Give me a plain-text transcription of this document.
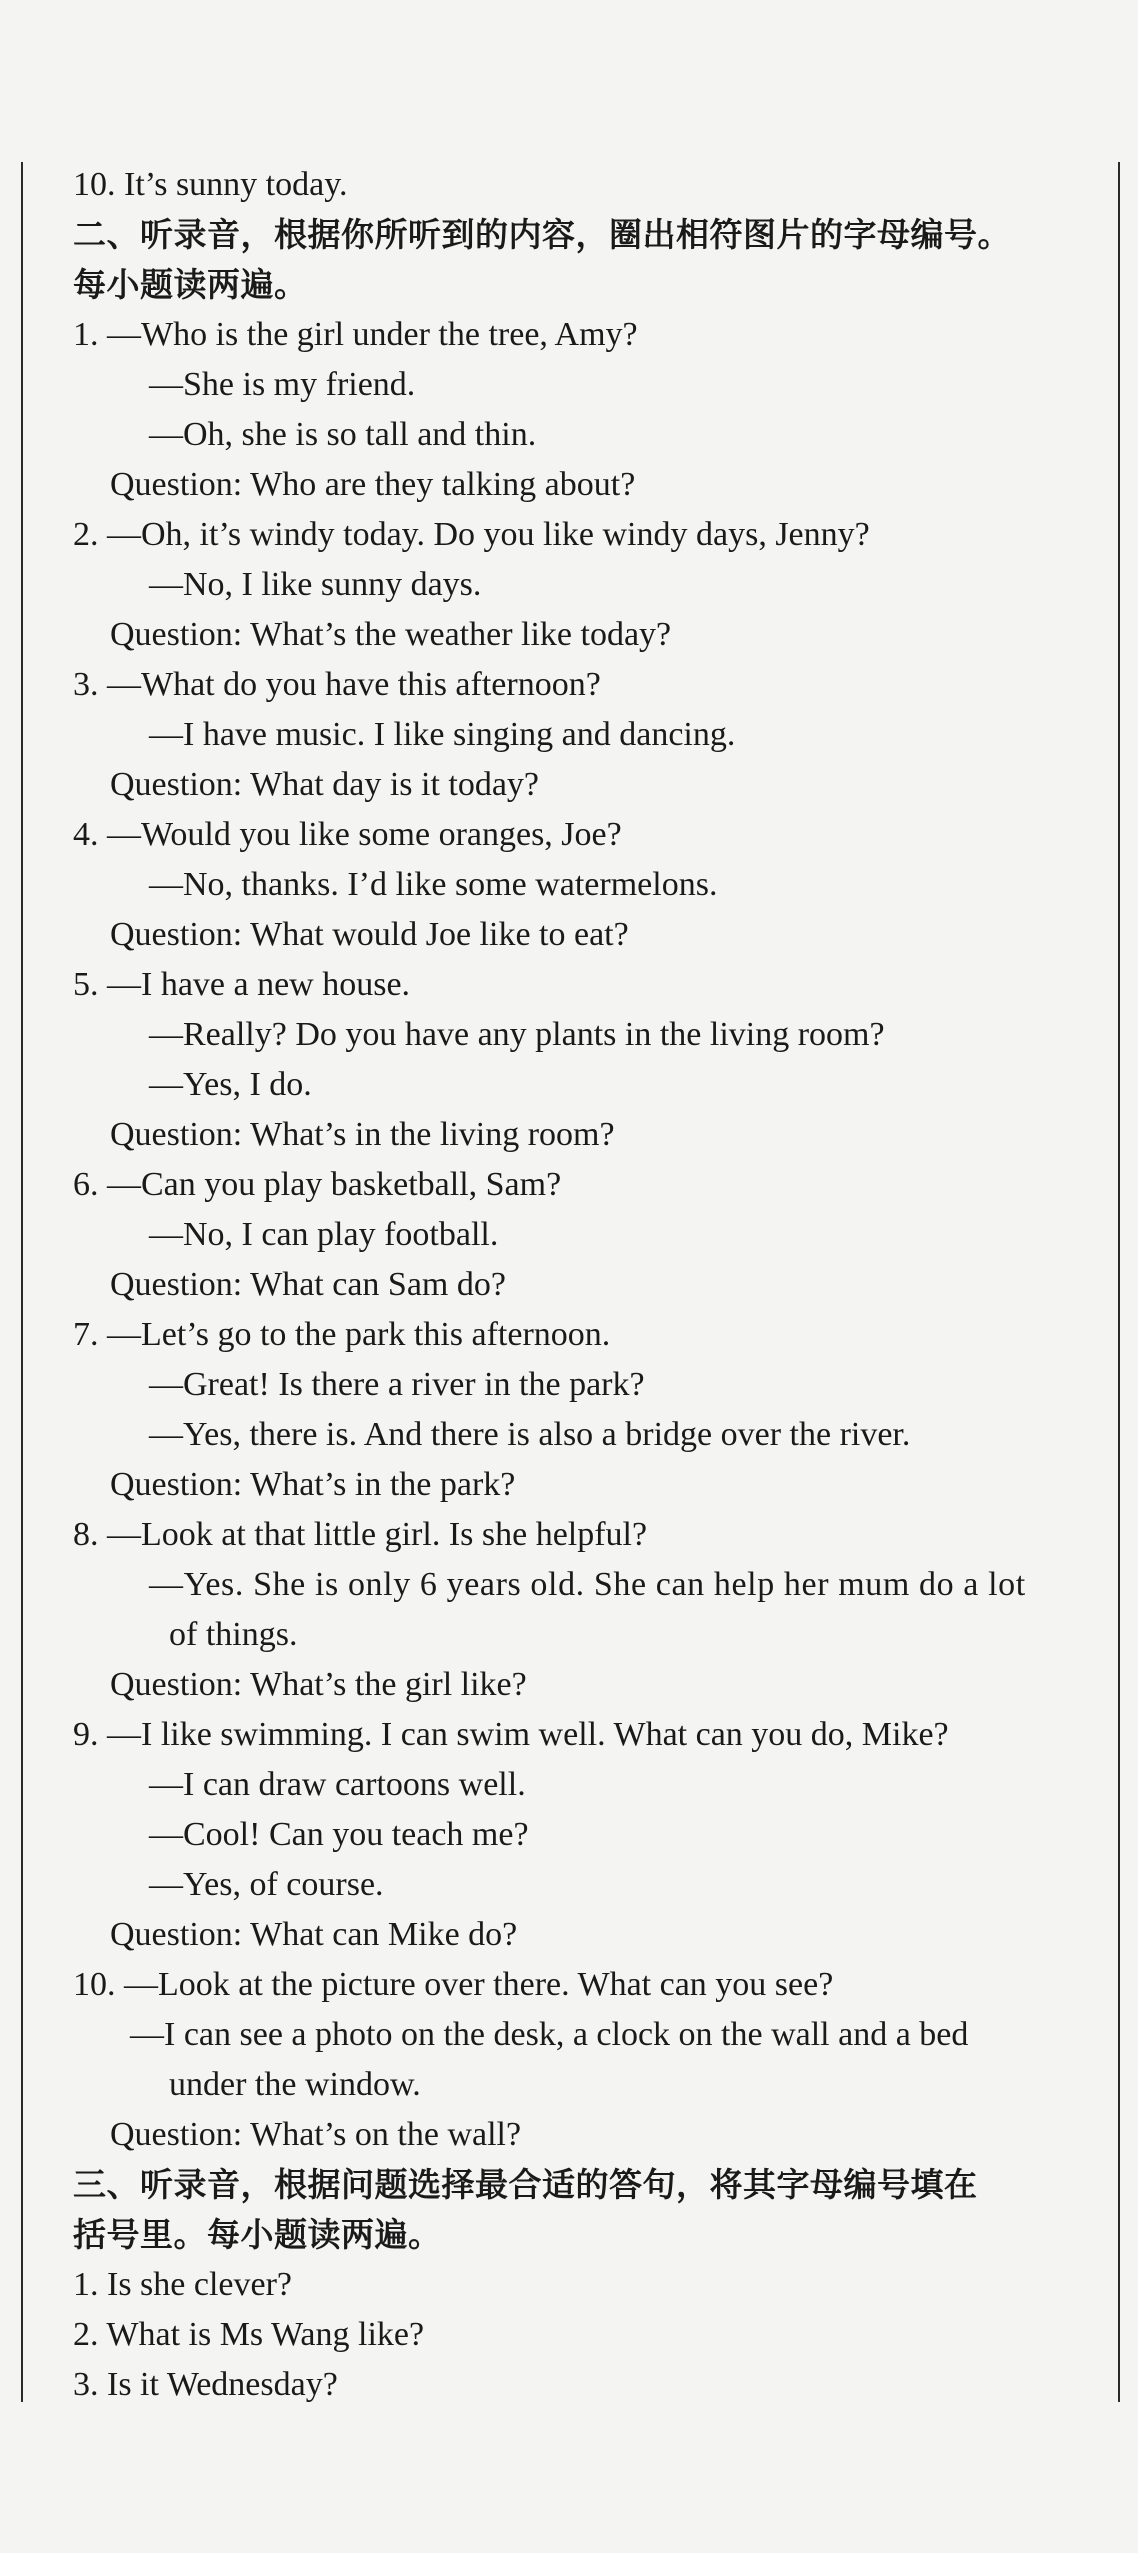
10. It’s sunny today.
二、听录音，根据你所听到的内容，圈出相符图片的字母编号。
每小题读两遍。
1. —Who is the girl under the tree, Amy?
—She is my friend.
—Oh, she is so tall and thin.
Question: Who are they talking about?
2. —Oh, it’s windy today. Do you like windy days, Jenny?
—No, I like sunny days.
Question: What’s the weather like today?
3. —What do you have this afternoon?
—I have music. I like singing and dancing.
Question: What day is it today?
4. —Would you like some oranges, Joe?
—No, thanks. I’d like some watermelons.
Question: What would Joe like to eat?
5. —I have a new house.
—Really? Do you have any plants in the living room?
—Yes, I do.
Question: What’s in the living room?
6. —Can you play basketball, Sam?
—No, I can play football.
Question: What can Sam do?
7. —Let’s go to the park this afternoon.
—Great! Is there a river in the park?
—Yes, there is. And there is also a bridge over the river.
Question: What’s in the park?
8. —Look at that little girl. Is she helpful?
—Yes. She is only 6 years old. She can help her mum do a lot
of things.
Question: What’s the girl like?
9. —I like swimming. I can swim well. What can you do, Mike?
—I can draw cartoons well.
—Cool! Can you teach me?
—Yes, of course.
Question: What can Mike do?
10. —Look at the picture over there. What can you see?
—I can see a photo on the desk, a clock on the wall and a bed
under the window.
Question: What’s on the wall?
三、听录音，根据问题选择最合适的答句，将其字母编号填在
括号里。每小题读两遍。
1. Is she clever?
2. What is Ms Wang like?
3. Is it Wednesday?
